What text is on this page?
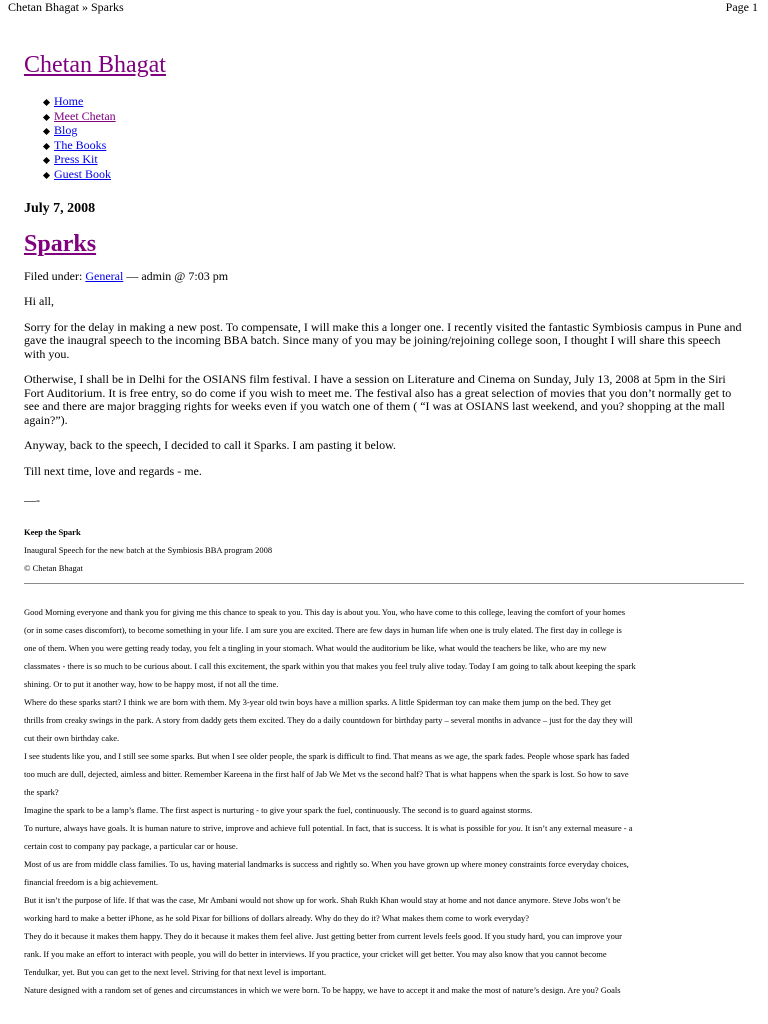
Chetan Bhagat » Sparks	Page 1
Chetan Bhagat
Home
Meet Chetan
Blog
The Books
Press Kit
Guest Book
July 7, 2008
Sparks
Filed under: General — admin @ 7:03 pm

Hi all,

Sorry for the delay in making a new post. To compensate, I will make this a longer one. I recently visited the fantastic Symbiosis campus in Pune and gave the inaugral speech to the incoming BBA batch. Since many of you may be joining/rejoining college soon, I thought I will share this speech with you.

Otherwise, I shall be in Delhi for the OSIANS film festival. I have a session on Literature and Cinema on Sunday, July 13, 2008 at 5pm in the Siri Fort Auditorium. It is free entry, so do come if you wish to meet me. The festival also has a great selection of movies that you don’t normally get to see and there are major bragging rights for weeks even if you watch one of them ( “I was at OSIANS last weekend, and you? shopping at the mall again?”).

Anyway, back to the speech, I decided to call it Sparks. I am pasting it below.

Till next time, love and regards - me.

—-
Keep the Spark
Inaugural Speech for the new batch at the Symbiosis BBA program 2008
© Chetan Bhagat
Good Morning everyone and thank you for giving me this chance to speak to you. This day is about you. You, who have come to this college, leaving the comfort of your homes
(or in some cases discomfort), to become something in your life. I am sure you are excited. There are few days in human life when one is truly elated. The first day in college is
one of them. When you were getting ready today, you felt a tingling in your stomach. What would the auditorium be like, what would the teachers be like, who are my new
classmates - there is so much to be curious about. I call this excitement, the spark within you that makes you feel truly alive today. Today I am going to talk about keeping the spark
shining. Or to put it another way, how to be happy most, if not all the time.
Where do these sparks start? I think we are born with them. My 3-year old twin boys have a million sparks. A little Spiderman toy can make them jump on the bed. They get
thrills from creaky swings in the park. A story from daddy gets them excited. They do a daily countdown for birthday party – several months in advance – just for the day they will
cut their own birthday cake.
I see students like you, and I still see some sparks. But when I see older people, the spark is difficult to find. That means as we age, the spark fades. People whose spark has faded
too much are dull, dejected, aimless and bitter. Remember Kareena in the first half of Jab We Met vs the second half? That is what happens when the spark is lost. So how to save
the spark?
Imagine the spark to be a lamp’s flame. The first aspect is nurturing - to give your spark the fuel, continuously. The second is to guard against storms.
To nurture, always have goals. It is human nature to strive, improve and achieve full potential. In fact, that is success. It is what is possible for you. It isn’t any external measure - a
certain cost to company pay package, a particular car or house.
Most of us are from middle class families. To us, having material landmarks is success and rightly so. When you have grown up where money constraints force everyday choices,
financial freedom is a big achievement.
But it isn’t the purpose of life. If that was the case, Mr Ambani would not show up for work. Shah Rukh Khan would stay at home and not dance anymore. Steve Jobs won’t be
working hard to make a better iPhone, as he sold Pixar for billions of dollars already. Why do they do it? What makes them come to work everyday?
They do it because it makes them happy. They do it because it makes them feel alive. Just getting better from current levels feels good. If you study hard, you can improve your
rank. If you make an effort to interact with people, you will do better in interviews. If you practice, your cricket will get better. You may also know that you cannot become
Tendulkar, yet. But you can get to the next level. Striving for that next level is important.
Nature designed with a random set of genes and circumstances in which we were born. To be happy, we have to accept it and make the most of nature’s design. Are you? Goals
